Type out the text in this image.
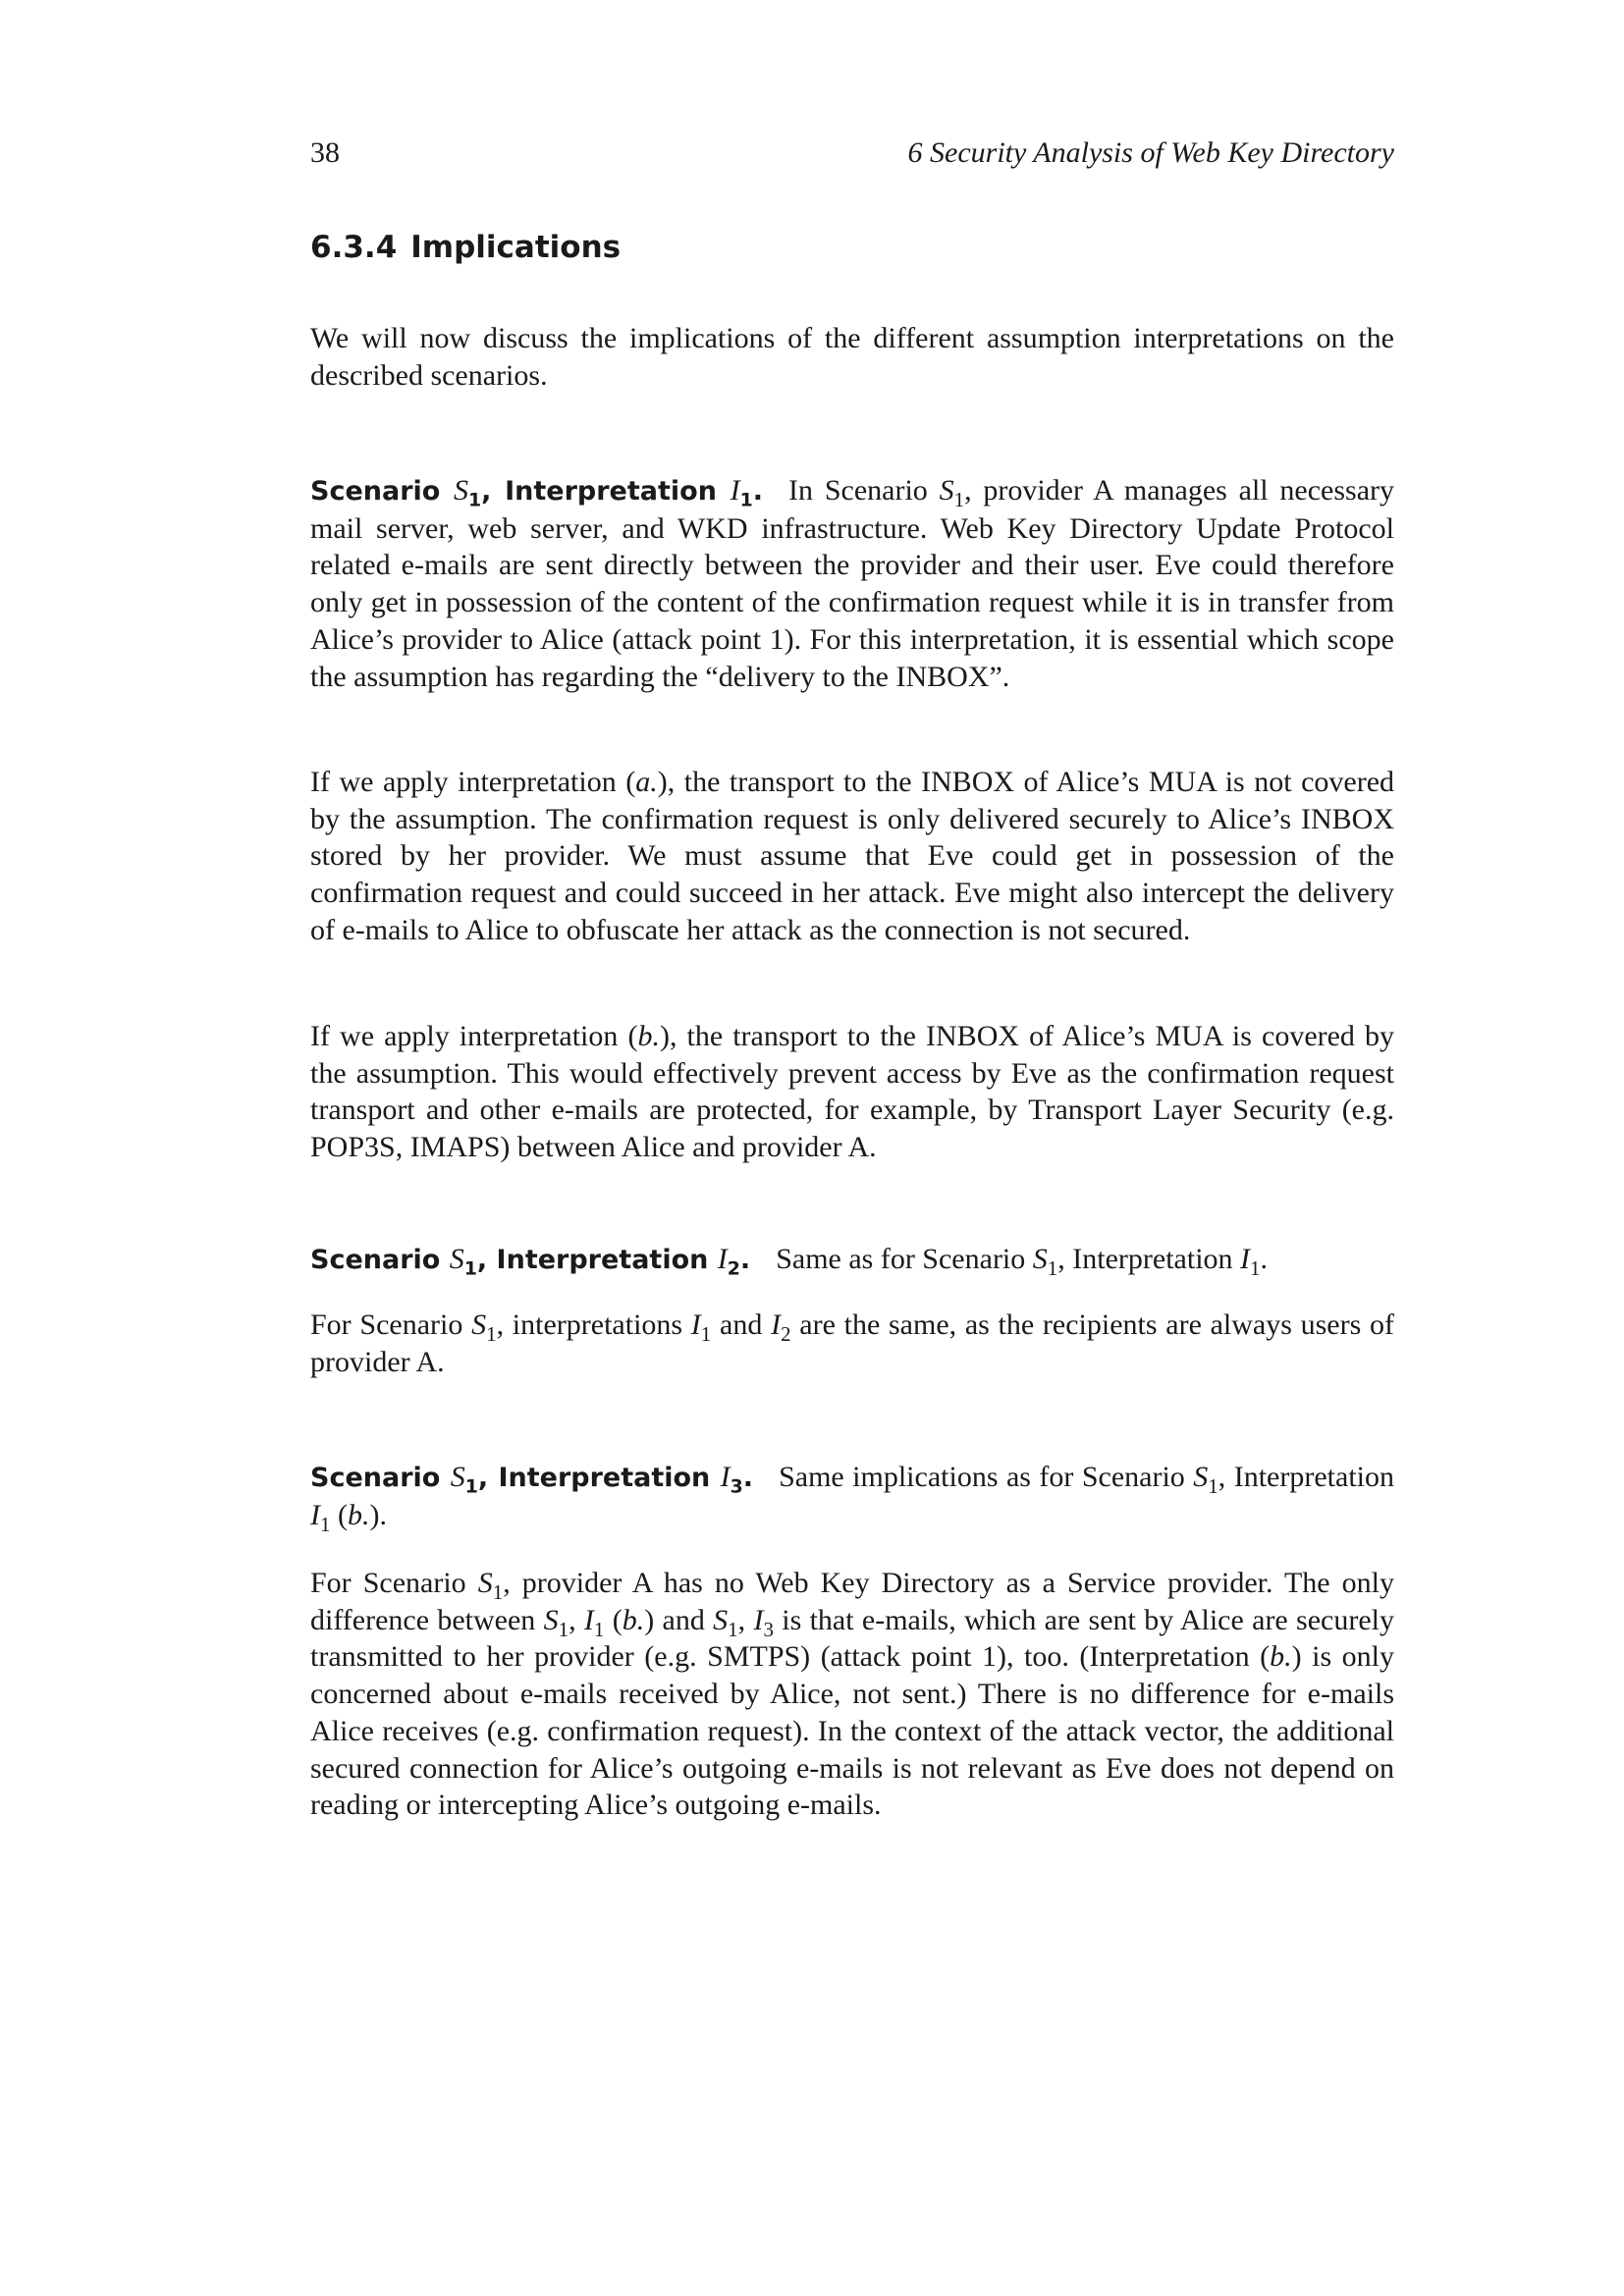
38	6 Security Analysis of Web Key Directory
6.3.4 Implications

We will now discuss the implications of the different assumption interpretations on the described scenarios.

Scenario $S_1$, Interpretation $I_1$. In Scenario $S_1$, provider A manages all necessary mail server, web server, and WKD infrastructure. Web Key Directory Update Protocol related e-mails are sent directly between the provider and their user. Eve could therefore only get in possession of the content of the confirmation request while it is in transfer from Alice’s provider to Alice (attack point 1). For this interpretation, it is essential which scope the assumption has regarding the “delivery to the INBOX”.

If we apply interpretation (a.), the transport to the INBOX of Alice’s MUA is not covered by the assumption. The confirmation request is only delivered securely to Alice’s INBOX stored by her provider. We must assume that Eve could get in possession of the confirmation request and could succeed in her attack. Eve might also intercept the delivery of e-mails to Alice to obfuscate her attack as the connection is not secured.

If we apply interpretation (b.), the transport to the INBOX of Alice’s MUA is covered by the assumption. This would effectively prevent access by Eve as the confirmation request transport and other e-mails are protected, for example, by Transport Layer Security (e.g. POP3S, IMAPS) between Alice and provider A.

Scenario $S_1$, Interpretation $I_2$. Same as for Scenario $S_1$, Interpretation $I_1$.

For Scenario $S_1$, interpretations $I_1$ and $I_2$ are the same, as the recipients are always users of provider A.

Scenario $S_1$, Interpretation $I_3$. Same implications as for Scenario $S_1$, Interpretation $I_1$ (b.).

For Scenario $S_1$, provider A has no Web Key Directory as a Service provider. The only difference between $S_1$, $I_1$ (b.) and $S_1$, $I_3$ is that e-mails, which are sent by Alice are securely transmitted to her provider (e.g. SMTPS) (attack point 1), too. (Interpretation (b.) is only concerned about e-mails received by Alice, not sent.) There is no difference for e-mails Alice receives (e.g. confirmation request). In the context of the attack vector, the additional secured connection for Alice’s outgoing e-mails is not relevant as Eve does not depend on reading or intercepting Alice’s outgoing e-mails.
